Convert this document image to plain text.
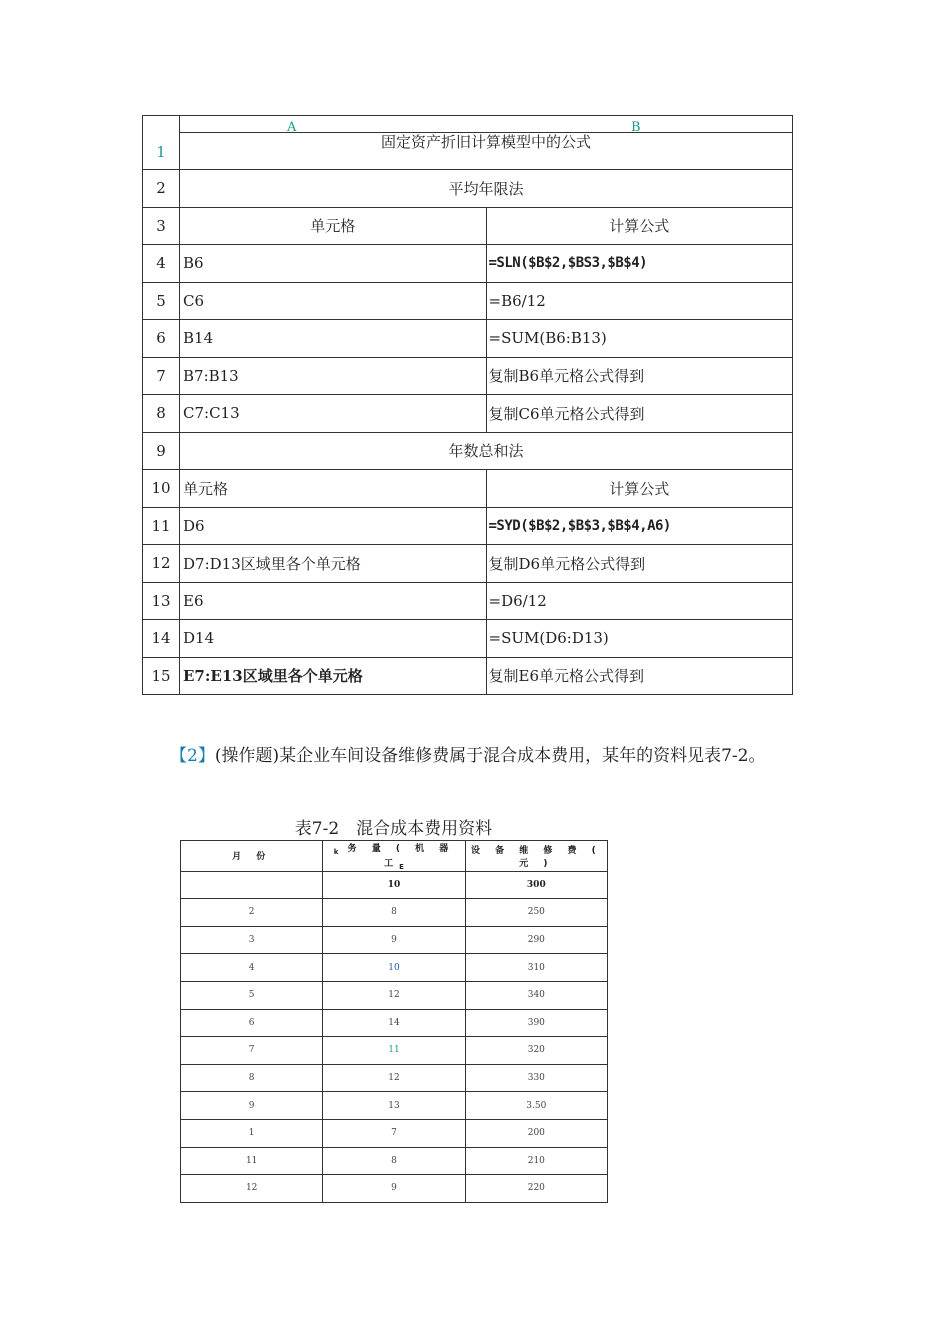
1	A B	

	固定资产折旧计算模型中的公式	
2	平均年限法	
3	单元格	计算公式
4	B6	=SLN($B$2,$BS3,$B$4)
5	C6	=B6/12
6	B14	=SUM(B6:B13)
7	B7:B13	复制B6单元格公式得到
8	C7:C13	复制C6单元格公式得到
9	年数总和法	
10	单元格	计算公式
11	D6	=SYD($B$2,$B$3,$B$4,A6)
12	D7:D13区域里各个单元格	复制D6单元格公式得到
13	E6	=D6/12
14	D14	=SUM(D6:D13)
15	E7:E13区域里各个单元格	复制E6单元格公式得到
【2】(操作题)某企业车间设备维修费属于混合成本费用，某年的资料见表7-2。
表7-2　混合成本费用资料
月 份	$_k$ 务 量 ( 机 器 工$_E$	设 备 维 修 费 ( 元 )
	10	300
2	8	250
3	9	290
4	10	310
5	12	340
6	14	390
7	11	320
8	12	330
9	13	3.50
1	7	200
11	8	210
12	9	220
